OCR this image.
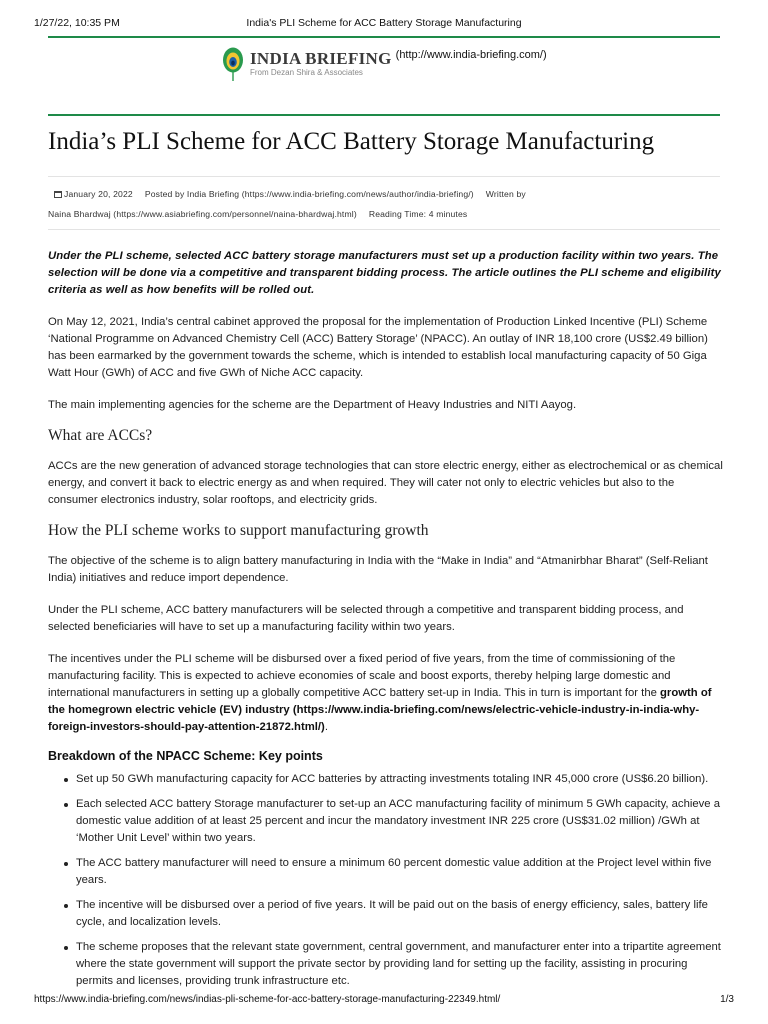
1/27/22, 10:35 PM	India's PLI Scheme for ACC Battery Storage Manufacturing
INDIA BRIEFING
From Dezan Shira & Associates
(http://www.india-briefing.com/)
India’s PLI Scheme for ACC Battery Storage Manufacturing
January 20, 2022 Posted by India Briefing (https://www.india-briefing.com/news/author/india-briefing/) Written by
Naina Bhardwaj (https://www.asiabriefing.com/personnel/naina-bhardwaj.html) Reading Time: 4 minutes

Under the PLI scheme, selected ACC battery storage manufacturers must set up a production facility within two years. The selection will be done via a competitive and transparent bidding process. The article outlines the PLI scheme and eligibility criteria as well as how benefits will be rolled out.

On May 12, 2021, India’s central cabinet approved the proposal for the implementation of Production Linked Incentive (PLI) Scheme ‘National Programme on Advanced Chemistry Cell (ACC) Battery Storage’ (NPACC). An outlay of INR 18,100 crore (US$2.49 billion) has been earmarked by the government towards the scheme, which is intended to establish local manufacturing capacity of 50 Giga Watt Hour (GWh) of ACC and five GWh of Niche ACC capacity.

The main implementing agencies for the scheme are the Department of Heavy Industries and NITI Aayog.

What are ACCs?

ACCs are the new generation of advanced storage technologies that can store electric energy, either as electrochemical or as chemical energy, and convert it back to electric energy as and when required. They will cater not only to electric vehicles but also to the consumer electronics industry, solar rooftops, and electricity grids.

How the PLI scheme works to support manufacturing growth

The objective of the scheme is to align battery manufacturing in India with the “Make in India” and “Atmanirbhar Bharat” (Self-Reliant India) initiatives and reduce import dependence.

Under the PLI scheme, ACC battery manufacturers will be selected through a competitive and transparent bidding process, and selected beneficiaries will have to set up a manufacturing facility within two years.

The incentives under the PLI scheme will be disbursed over a fixed period of five years, from the time of commissioning of the manufacturing facility. This is expected to achieve economies of scale and boost exports, thereby helping large domestic and international manufacturers in setting up a globally competitive ACC battery set-up in India. This in turn is important for the growth of the homegrown electric vehicle (EV) industry (https://www.india-briefing.com/news/electric-vehicle-industry-in-india-why-foreign-investors-should-pay-attention-21872.html/).

Breakdown of the NPACC Scheme: Key points
Set up 50 GWh manufacturing capacity for ACC batteries by attracting investments totaling INR 45,000 crore (US$6.20 billion).
Each selected ACC battery Storage manufacturer to set-up an ACC manufacturing facility of minimum 5 GWh capacity, achieve a domestic value addition of at least 25 percent and incur the mandatory investment INR 225 crore (US$31.02 million) /GWh at ‘Mother Unit Level’ within two years.
The ACC battery manufacturer will need to ensure a minimum 60 percent domestic value addition at the Project level within five years.
The incentive will be disbursed over a period of five years. It will be paid out on the basis of energy efficiency, sales, battery life cycle, and localization levels.
The scheme proposes that the relevant state government, central government, and manufacturer enter into a tripartite agreement where the state government will support the private sector by providing land for setting up the facility, assisting in procuring permits and licenses, providing trunk infrastructure etc.
https://www.india-briefing.com/news/indias-pli-scheme-for-acc-battery-storage-manufacturing-22349.html/	1/3
